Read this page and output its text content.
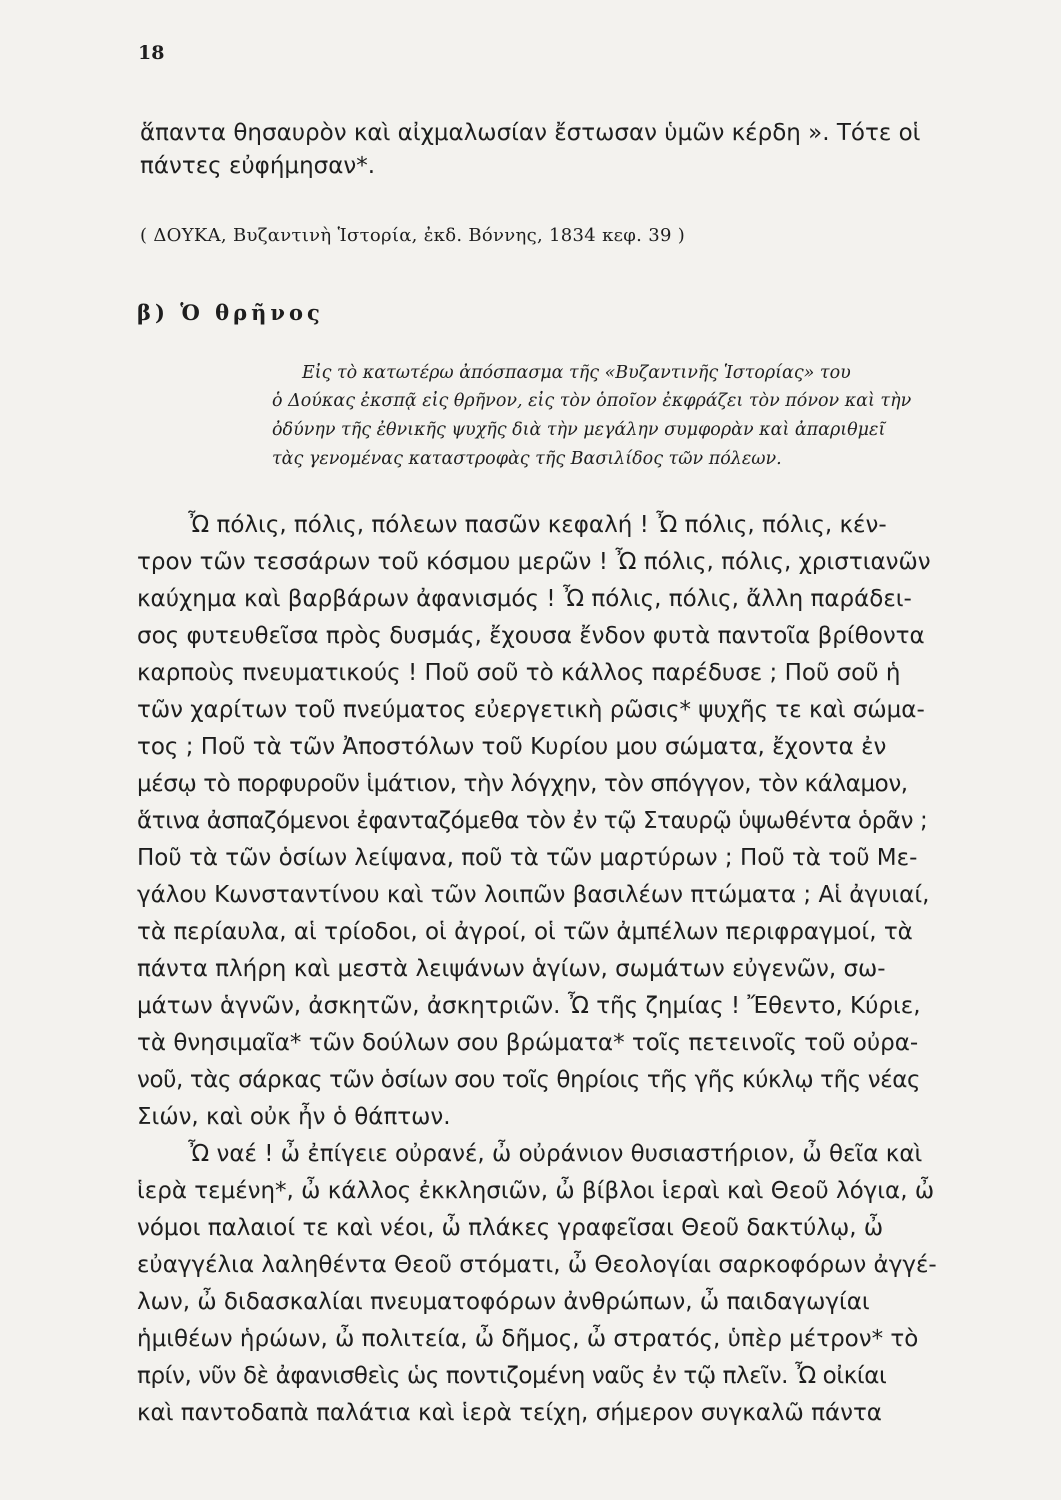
18
ἅπαντα θησαυρὸν καὶ αἰχμαλωσίαν ἔστωσαν ὑμῶν κέρδη ». Τότε οἱ
πάντες εὐφήμησαν*.
( ΔΟΥΚΑ, Βυζαντινὴ Ἱστορία, ἐκδ. Βόννης, 1834 κεφ. 39 )
β) Ὁ θρῆνος
Εἰς τὸ κατωτέρω ἀπόσπασμα τῆς «Βυζαντινῆς Ἱστορίας» του
ὁ Δούκας ἐκσπᾷ εἰς θρῆνον, εἰς τὸν ὁποῖον ἐκφράζει τὸν πόνον καὶ τὴν
ὀδύνην τῆς ἐθνικῆς ψυχῆς διὰ τὴν μεγάλην συμφορὰν καὶ ἀπαριθμεῖ
τὰς γενομένας καταστροφὰς τῆς Βασιλίδος τῶν πόλεων.
Ὦ πόλις, πόλις, πόλεων πασῶν κεφαλή ! Ὦ πόλις, πόλις, κέν-
τρον τῶν τεσσάρων τοῦ κόσμου μερῶν ! Ὦ πόλις, πόλις, χριστιανῶν
καύχημα καὶ βαρβάρων ἀφανισμός ! Ὦ πόλις, πόλις, ἄλλη παράδει-
σος φυτευθεῖσα πρὸς δυσμάς, ἔχουσα ἔνδον φυτὰ παντοῖα βρίθοντα
καρποὺς πνευματικούς ! Ποῦ σοῦ τὸ κάλλος παρέδυσε ; Ποῦ σοῦ ἡ
τῶν χαρίτων τοῦ πνεύματος εὐεργετικὴ ρῶσις* ψυχῆς τε καὶ σώμα-
τος ; Ποῦ τὰ τῶν Ἀποστόλων τοῦ Κυρίου μου σώματα, ἔχοντα ἐν
μέσῳ τὸ πορφυροῦν ἱμάτιον, τὴν λόγχην, τὸν σπόγγον, τὸν κάλαμον,
ἅτινα ἀσπαζόμενοι ἐφανταζόμεθα τὸν ἐν τῷ Σταυρῷ ὑψωθέντα ὁρᾶν ;
Ποῦ τὰ τῶν ὁσίων λείψανα, ποῦ τὰ τῶν μαρτύρων ; Ποῦ τὰ τοῦ Με-
γάλου Κωνσταντίνου καὶ τῶν λοιπῶν βασιλέων πτώματα ; Αἱ ἀγυιαί,
τὰ περίαυλα, αἱ τρίοδοι, οἱ ἀγροί, οἱ τῶν ἀμπέλων περιφραγμοί, τὰ
πάντα πλήρη καὶ μεστὰ λειψάνων ἁγίων, σωμάτων εὐγενῶν, σω-
μάτων ἁγνῶν, ἀσκητῶν, ἀσκητριῶν. Ὦ τῆς ζημίας ! Ἔθεντο, Κύριε,
τὰ θνησιμαῖα* τῶν δούλων σου βρώματα* τοῖς πετεινοῖς τοῦ οὐρα-
νοῦ, τὰς σάρκας τῶν ὁσίων σου τοῖς θηρίοις τῆς γῆς κύκλῳ τῆς νέας
Σιών, καὶ οὐκ ἦν ὁ θάπτων.
Ὦ ναέ ! ὦ ἐπίγειε οὐρανέ, ὦ οὐράνιον θυσιαστήριον, ὦ θεῖα καὶ
ἱερὰ τεμένη*, ὦ κάλλος ἐκκλησιῶν, ὦ βίβλοι ἱεραὶ καὶ Θεοῦ λόγια, ὦ
νόμοι παλαιοί τε καὶ νέοι, ὦ πλάκες γραφεῖσαι Θεοῦ δακτύλῳ, ὦ
εὐαγγέλια λαληθέντα Θεοῦ στόματι, ὦ Θεολογίαι σαρκοφόρων ἀγγέ-
λων, ὦ διδασκαλίαι πνευματοφόρων ἀνθρώπων, ὦ παιδαγωγίαι
ἡμιθέων ἡρώων, ὦ πολιτεία, ὦ δῆμος, ὦ στρατός, ὑπὲρ μέτρον* τὸ
πρίν, νῦν δὲ ἀφανισθεὶς ὡς ποντιζομένη ναῦς ἐν τῷ πλεῖν. Ὦ οἰκίαι
καὶ παντοδαπὰ παλάτια καὶ ἱερὰ τείχη, σήμερον συγκαλῶ πάντα
